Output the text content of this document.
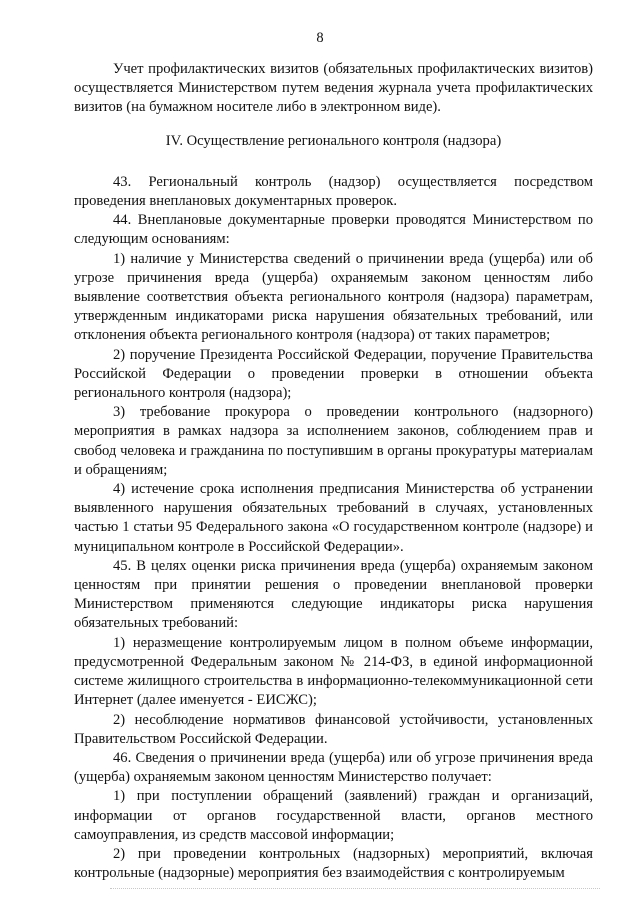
8

Учет профилактических визитов (обязательных профилактических визитов) осуществляется Министерством путем ведения журнала учета профилактических визитов (на бумажном носителе либо в электронном виде).

IV. Осуществление регионального контроля (надзора)

43. Региональный контроль (надзор) осуществляется посредством проведения внеплановых документарных проверок.

44. Внеплановые документарные проверки проводятся Министерством по следующим основаниям:

1) наличие у Министерства сведений о причинении вреда (ущерба) или об угрозе причинения вреда (ущерба) охраняемым законом ценностям либо выявление соответствия объекта регионального контроля (надзора) параметрам, утвержденным индикаторами риска нарушения обязательных требований, или отклонения объекта регионального контроля (надзора) от таких параметров;

2) поручение Президента Российской Федерации, поручение Правительства Российской Федерации о проведении проверки в отношении объекта регионального контроля (надзора);

3) требование прокурора о проведении контрольного (надзорного) мероприятия в рамках надзора за исполнением законов, соблюдением прав и свобод человека и гражданина по поступившим в органы прокуратуры материалам и обращениям;

4) истечение срока исполнения предписания Министерства об устранении выявленного нарушения обязательных требований в случаях, установленных частью 1 статьи 95 Федерального закона «О государственном контроле (надзоре) и муниципальном контроле в Российской Федерации».

45. В целях оценки риска причинения вреда (ущерба) охраняемым законом ценностям при принятии решения о проведении внеплановой проверки Министерством применяются следующие индикаторы риска нарушения обязательных требований:

1) неразмещение контролируемым лицом в полном объеме информации, предусмотренной Федеральным законом № 214-ФЗ, в единой информационной системе жилищного строительства в информационно-телекоммуникационной сети Интернет (далее именуется - ЕИСЖС);

2) несоблюдение нормативов финансовой устойчивости, установленных Правительством Российской Федерации.

46. Сведения о причинении вреда (ущерба) или об угрозе причинения вреда (ущерба) охраняемым законом ценностям Министерство получает:

1) при поступлении обращений (заявлений) граждан и организаций, информации от органов государственной власти, органов местного самоуправления, из средств массовой информации;

2) при проведении контрольных (надзорных) мероприятий, включая контрольные (надзорные) мероприятия без взаимодействия с контролируемым
